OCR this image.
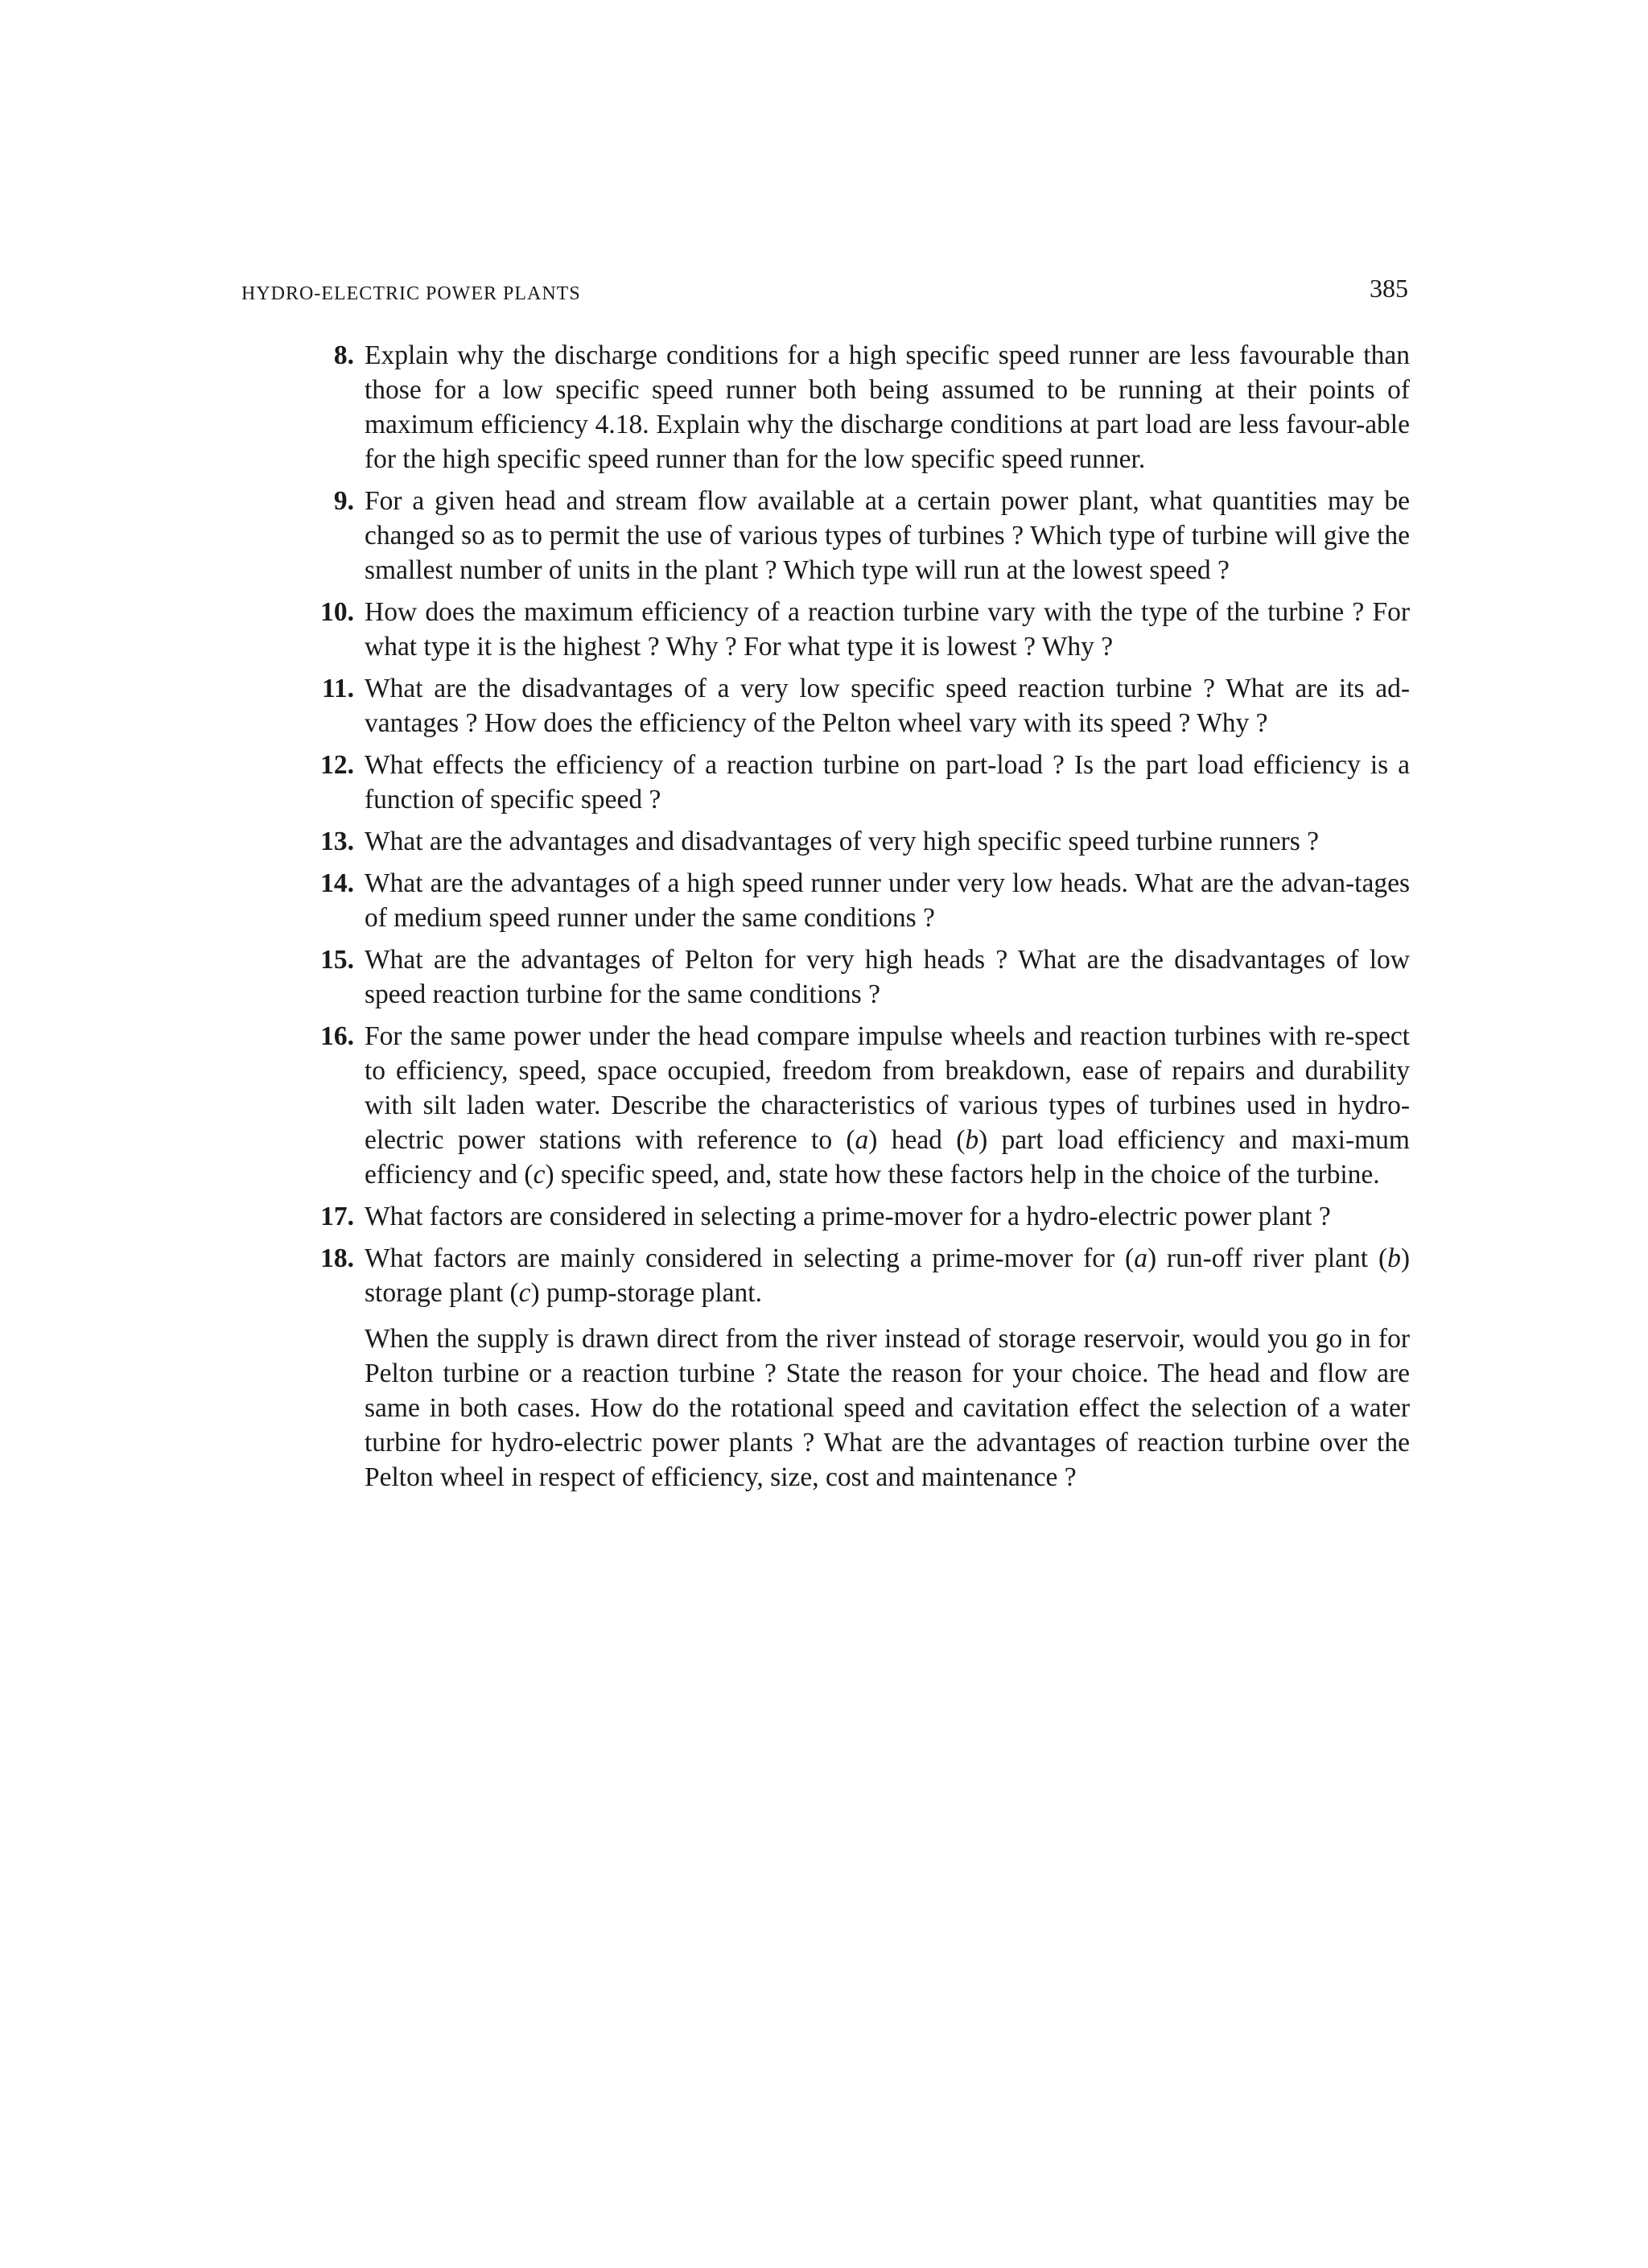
HYDRO-ELECTRIC POWER PLANTS	385
8. Explain why the discharge conditions for a high specific speed runner are less favourable than those for a low specific speed runner both being assumed to be running at their points of maximum efficiency 4.18. Explain why the discharge conditions at part load are less favour-able for the high specific speed runner than for the low specific speed runner.
9. For a given head and stream flow available at a certain power plant, what quantities may be changed so as to permit the use of various types of turbines ? Which type of turbine will give the smallest number of units in the plant ? Which type will run at the lowest speed ?
10. How does the maximum efficiency of a reaction turbine vary with the type of the turbine ? For what type it is the highest ? Why ? For what type it is lowest ? Why ?
11. What are the disadvantages of a very low specific speed reaction turbine ? What are its ad-vantages ? How does the efficiency of the Pelton wheel vary with its speed ? Why ?
12. What effects the efficiency of a reaction turbine on part-load ? Is the part load efficiency is a function of specific speed ?
13. What are the advantages and disadvantages of very high specific speed turbine runners ?
14. What are the advantages of a high speed runner under very low heads. What are the advan-tages of medium speed runner under the same conditions ?
15. What are the advantages of Pelton for very high heads ? What are the disadvantages of low speed reaction turbine for the same conditions ?
16. For the same power under the head compare impulse wheels and reaction turbines with re-spect to efficiency, speed, space occupied, freedom from breakdown, ease of repairs and durability with silt laden water. Describe the characteristics of various types of turbines used in hydro-electric power stations with reference to (a) head (b) part load efficiency and maxi-mum efficiency and (c) specific speed, and, state how these factors help in the choice of the turbine.
17. What factors are considered in selecting a prime-mover for a hydro-electric power plant ?
18. What factors are mainly considered in selecting a prime-mover for (a) run-off river plant (b) storage plant (c) pump-storage plant.
When the supply is drawn direct from the river instead of storage reservoir, would you go in for Pelton turbine or a reaction turbine ? State the reason for your choice. The head and flow are same in both cases. How do the rotational speed and cavitation effect the selection of a water turbine for hydro-electric power plants ? What are the advantages of reaction turbine over the Pelton wheel in respect of efficiency, size, cost and maintenance ?
